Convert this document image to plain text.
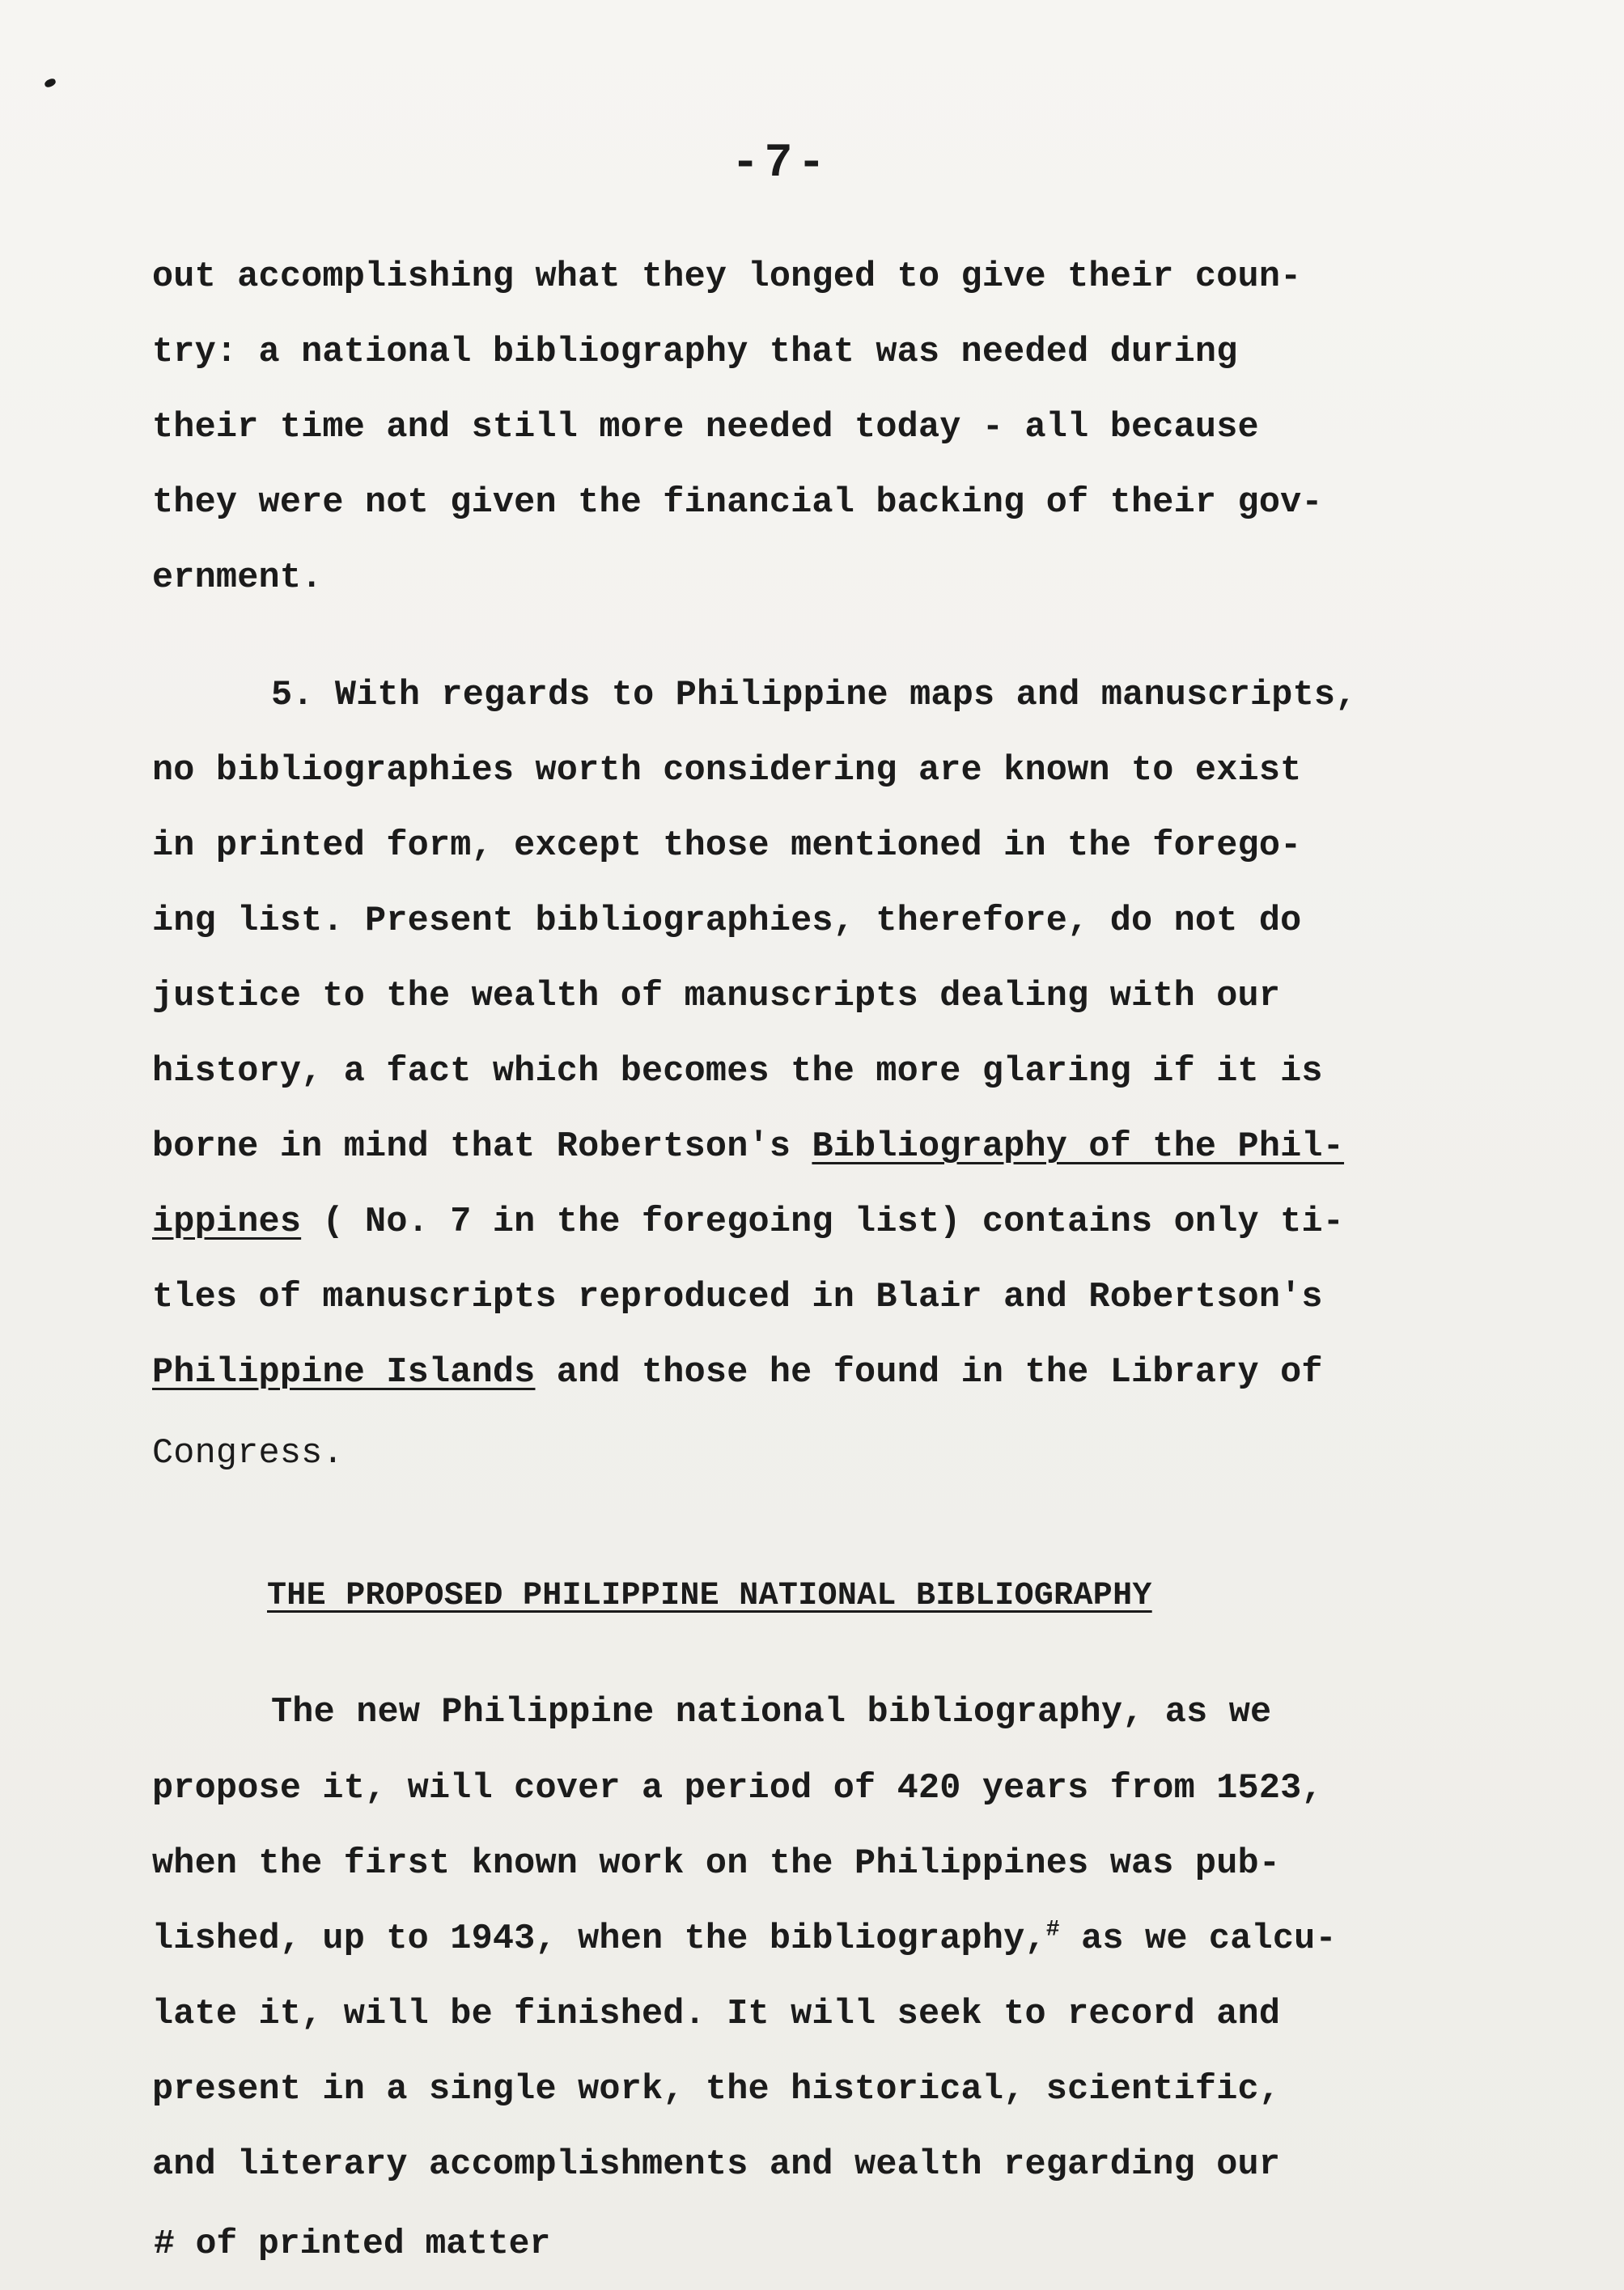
-7-
out accomplishing what they longed to give their coun-
try: a national bibliography that was needed during
their time and still more needed today - all because
they were not given the financial backing of their gov-
ernment.
5. With regards to Philippine maps and manuscripts,
no bibliographies worth considering are known to exist
in printed form, except those mentioned in the forego-
ing list. Present bibliographies, therefore, do not do
justice to the wealth of manuscripts dealing with our
history, a fact which becomes the more glaring if it is
borne in mind that Robertson's Bibliography of the Phil-
ippines ( No. 7 in the foregoing list) contains only ti-
tles of manuscripts reproduced in Blair and Robertson's
Philippine Islands and those he found in the Library of
Congress.
THE PROPOSED PHILIPPINE NATIONAL BIBLIOGRAPHY
The new Philippine national bibliography, as we
propose it, will cover a period of 420 years from 1523,
when the first known work on the Philippines was pub-
lished, up to 1943, when the bibliography,# as we calcu-
late it, will be finished. It will seek to record and
present in a single work, the historical, scientific,
and literary accomplishments and wealth regarding our
# of printed matter
